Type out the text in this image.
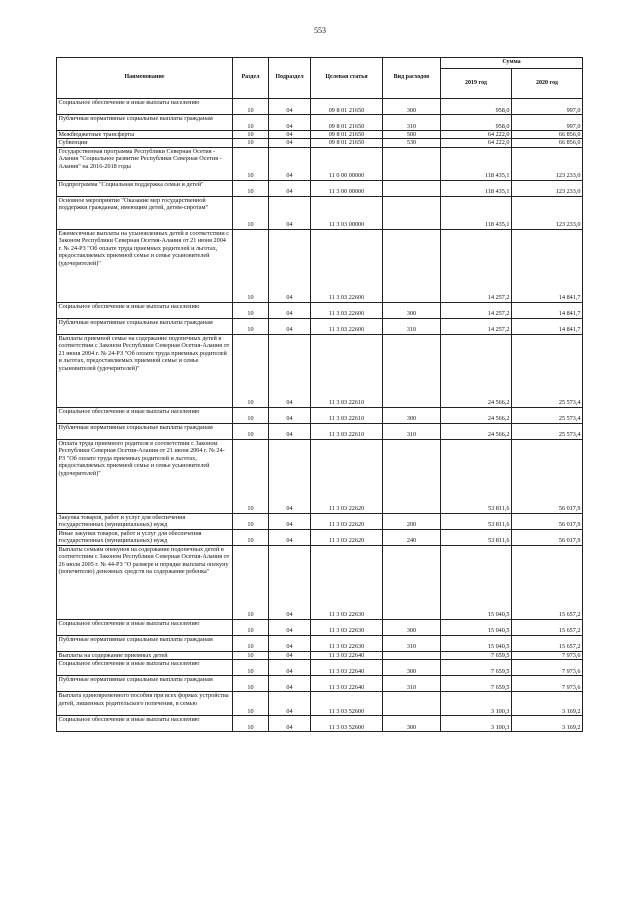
553
Наименование	Раздел	Подраздел	Целевая статья	Вид расходов	Сумма	
					2019 год	2020 год
Социальное обеспечение и иные выплаты населению	10	04	09 8 01 21650	300	958,0	997,0
Публичные нормативные социальные выплаты гражданам	10	04	09 8 01 21650	310	958,0	997,0
Межбюджетные трансферты	10	04	09 8 01 21650	500	64 222,0	66 856,0
Субвенции	10	04	09 8 01 21650	530	64 222,0	66 856,0
Государственная программа Республики Северная Осетия - Алания "Социальное развитие Республики Северная Осетия - Алания" на 2016-2018 годы	10	04	11 0 00 00000		118 435,1	123 233,0
Подпрограмма "Социальная поддержка семьи и детей"	10	04	11 3 00 00000		118 435,1	123 233,0
Основное мероприятие "Оказание мер государственной поддержки гражданам, имеющим детей, детям-сиротам"	10	04	11 3 03 00000		118 435,1	123 233,0
Ежемесячные выплаты на усыновленных детей в соответствии с Законом Республики Северная Осетия-Алания от 21 июня 2004 г. № 24-РЗ "Об оплате труда приемных родителей и льготах, предоставляемых приемной семье и семье усыновителей (удочерителей)"	10	04	11 3 03 22600		14 257,2	14 841,7
Социальное обеспечение и иные выплаты населению	10	04	11 3 03 22600	300	14 257,2	14 841,7
Публичные нормативные социальные выплаты гражданам	10	04	11 3 03 22600	310	14 257,2	14 841,7
Выплаты приемной семье на содержание подопечных детей в соответствии с Законом Республики Северная Осетия-Алания от 21 июня 2004 г. № 24-РЗ "Об оплате труда приемных родителей и льготах, предоставляемых приемной семье и семье усыновителей (удочерителей)"	10	04	11 3 03 22610		24 566,2	25 573,4
Социальное обеспечение и иные выплаты населению	10	04	11 3 03 22610	300	24 566,2	25 573,4
Публичные нормативные социальные выплаты гражданам	10	04	11 3 03 22610	310	24 566,2	25 573,4
Оплата труда приемного родителя в соответствии с Законом Республики Северная Осетия-Алания от 21 июня 2004 г. № 24-РЗ "Об оплате труда приемных родителей и льготах, предоставляемых приемной семье и семье усыновителей (удочерителей)"	10	04	11 3 03 22620		53 811,6	56 017,9
Закупка товаров, работ и услуг для обеспечения государственных (муниципальных) нужд	10	04	11 3 03 22620	200	53 811,6	56 017,9
Иные закупки товаров, работ и услуг для обеспечения государственных (муниципальных) нужд	10	04	11 3 03 22620	240	53 811,6	56 017,9
Выплаты семьям опекунов на содержание подопечных детей в соответствии с Законом Республики Северная Осетия-Алания от 26 июля 2005 г. № 44-РЗ "О размере и порядке выплаты опекуну (попечителю) денежных средств на содержание ребенка"	10	04	11 3 03 22630		15 040,5	15 657,2
Социальное обеспечение и иные выплаты населению	10	04	11 3 03 22630	300	15 040,5	15 657,2
Публичные нормативные социальные выплаты гражданам	10	04	11 3 03 22630	310	15 040,5	15 657,2
Выплаты на содержание приемных детей	10	04	11 3 03 22640		7 659,5	7 973,6
Социальное обеспечение и иные выплаты населению	10	04	11 3 03 22640	300	7 659,5	7 973,6
Публичные нормативные социальные выплаты гражданам	10	04	11 3 03 22640	310	7 659,5	7 973,6
Выплата единовременного пособия при всех формах устройства детей, лишенных родительского попечения, в семью	10	04	11 3 03 52600		3 100,3	3 169,2
Социальное обеспечение и иные выплаты населению	10	04	11 3 03 52600	300	3 100,3	3 169,2
